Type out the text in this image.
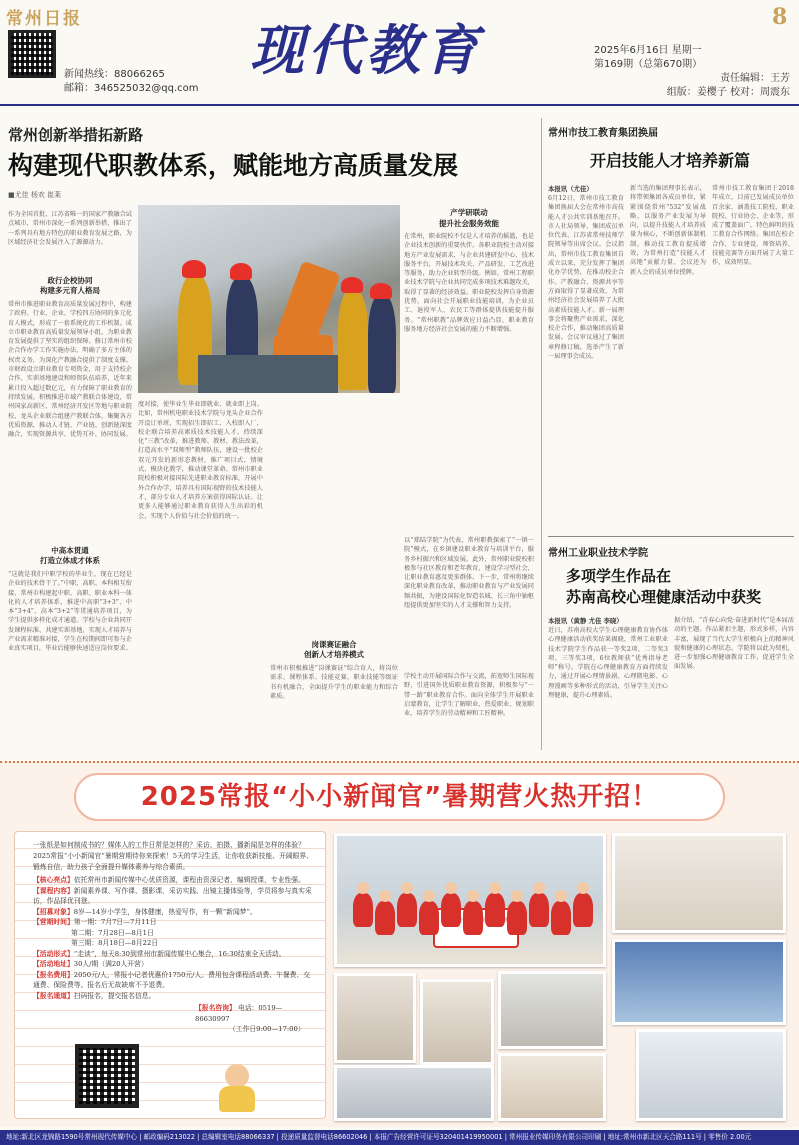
常州日报
新闻热线：88066265
邮箱：346525032@qq.com
现代教育
8
2025年6月16日 星期一
第169期（总第670期）
责任编辑：王芳
组版：姜樱子 校对：周震东
常州创新举措拓新路
构建现代职教体系，赋能地方高质量发展
■尤佳 杨欢 崔莱
作为全国首批、江苏省唯一的国家产教融合试点城市，常州市深化一系列创新举措，推出了一系列具有地方特色的职业教育发展之路，为区域经济社会发展注入了源源动力。
政行企校协同
构建多元育人格局
常州市推进职业教育高质量发展过程中，构建了政府、行业、企业、学校四方协同的多元化育人模式，形成了一套系统化的工作机制。成立市职业教育高质量发展领导小组，为职业教育发展提供了坚实的组织保障。修订常州市校企合作办学工作实施办法，明确了多方主体的权责义务，为深化产教融合提供了制度支撑。市财政设立职业教育专项资金，用于支持校企合作、实训基地建设和师资队伍培养，近年来累计投入超过数亿元，有力保障了职业教育的持续发展。积极推进市域产教联合体建设，常州国家高新区、常州经济开发区等地与职业院校、龙头企业联合组建产教联合体，集聚各方优质资源，推动人才链、产业链、创新链深度融合，实现资源共享、优势互补、协同发展。
中高本贯通
打造立体成才体系
“这就是我们中职学校的毕业生，现在已经是企业的技术骨干了。”中职、高职、本科相互衔接，常州市构建起中职、高职、职业本科一体化的人才培养体系，推进中高职“3+3”、中本“3+4”、高本“3+2”等贯通培养项目，为学生提供多样化成才通道。学校与企业共同开发课程标准、共建实训基地，实现人才培养与产业需求精准对接，学生在校期间即可参与企业真实项目，毕业后能够快速适应岗位要求。
度对接，使毕业生毕业即就业、就业即上岗。比如，常州机电职业技术学院与龙头企业合作开设订单班，实现招生即招工、入校即入厂，校企联合培养高素质技术技能人才。持续深化“三教”改革，推进教师、教材、教法改革，打造高水平“双师型”教师队伍，建设一批校企双元开发的新形态教材，推广项目式、情境式、模块化教学，推动课堂革命。常州市职业院校积极对接国际先进职业教育标准，开展中外合作办学，培养具有国际视野的技术技能人才，部分专业人才培养方案获得国际认证。让更多人能够通过职业教育获得人生出彩的机会，实现个人价值与社会价值的统一。
岗课赛证融合
创新人才培养模式
常州市积极推进“岗课赛证”综合育人，将岗位需求、课程体系、技能竞赛、职业技能等级证书有机融合，全面提升学生的职业能力和综合素质。
产学研联动
提升社会服务效能
在常州，职业院校不仅是人才培养的摇篮，也是企业技术创新的重要伙伴。各职业院校主动对接地方产业发展需求，与企业共建研发中心、技术服务平台，开展技术攻关、产品研发、工艺改进等服务，助力企业转型升级。例如，常州工程职业技术学院与企业共同完成多项技术难题攻关，取得了显著的经济效益。职业院校发挥自身资源优势，面向社会开展职业技能培训，为企业员工、退役军人、农民工等群体提供技能提升服务。“常州职教”品牌效应日益凸显，职业教育服务地方经济社会发展的能力不断增强。
以“郑陆学院”为代表，常州职教探索了“一镇一院”模式，在乡镇建设职业教育与培训平台，服务乡村振兴和区域发展。此外，常州职业院校积极参与社区教育和老年教育，建设学习型社会，让职业教育惠及更多群体。下一步，常州将继续深化职业教育改革，推动职业教育与产业发展同频共振，为建设国际化智造名城、长三角中轴枢纽提供更加坚实的人才支撑和智力支持。
学校主动开展国际合作与交流，拓宽师生国际视野，引进国外优质职业教育资源，积极参与“一带一路”职业教育合作。面向全体学生开展职业启蒙教育，让学生了解职业、热爱职业、规划职业，培养学生的劳动精神和工匠精神。
常州市技工教育集团换届
开启技能人才培养新篇
本报讯（尤佳）
6月12日，常州市技工教育集团换届大会在常州市高技能人才公共实训基地召开。市人社局领导、集团成员单位代表、江苏省常州技师学院领导等出席会议。会议指出，常州市技工教育集团自成立以来，充分发挥了集团化办学优势，在推动校企合作、产教融合、资源共享等方面取得了显著成效，为常州经济社会发展培养了大批高素质技能人才。新一届理事会将聚焦产业需求，深化校企合作，推动集团高质量发展。会议审议通过了集团章程修订稿，选举产生了新一届理事会成员。
新当选的集团理事长表示，将带领集团各成员单位，紧紧围绕常州“532”发展战略，以服务产业发展为导向，以提升技能人才培养质量为核心，不断创新体制机制，推动技工教育提质增效，为常州打造“技能人才高地”贡献力量。会议还为新入会的成员单位授牌。
常州市技工教育集团于2018年成立，目前已发展成员单位百余家，涵盖技工院校、职业院校、行业协会、企业等，形成了覆盖面广、特色鲜明的技工教育合作网络。集团在校企合作、专业建设、师资培养、技能竞赛等方面开展了大量工作，成效明显。
常州工业职业技术学院
多项学生作品在
苏南高校心理健康活动中获奖
本报讯（黄静 尤佳 李晓）
近日，苏南高校大学生心理健康教育协作体心理健康活动获奖结果揭晓，常州工业职业技术学院学生作品获一等奖2项、二等奖3项、三等奖3项，6位教师获“优秀指导老师”称号。学院在心理健康教育方面持续发力，通过开展心理情景剧、心理微电影、心理漫画等多种形式的活动，引导学生关注心理健康，提升心理素质。
据介绍，“青春心向党·奋进新时代”是本届活动的主题。作品紧扣主题，形式多样，内容丰富，展现了当代大学生积极向上的精神风貌和健康的心理状态。学院将以此为契机，进一步加强心理健康教育工作，促进学生全面发展。
2025常报“小小新闻官”暑期营火热开招！
一张纸是如何制成书的？媒体人的工作日常是怎样的？采访、拍摄、播新闻是怎样的体验？2025常报“小小新闻官”暑期营期待你来探索！5天的学习生活，让你收获新技能、开阔眼界、锻炼自信，助力孩子全面提升媒体素养与综合素质。
【核心亮点】依托常州市新闻传媒中心优质资源，课程由资深记者、编辑授课，专业性强。
【课程内容】新闻素养课、写作课、摄影课、采访实践、出镜主播体验等，学员将参与真实采访，作品择优刊登。
【招募对象】8岁—14岁小学生，身体健康，热爱写作，有一颗“新闻梦”。
【营期时间】第一期：7月7日—7月11日
第二期：7月28日—8月1日
第三期：8月18日—8月22日
【活动形式】“走读”，每天8:30到常州市新闻传媒中心集合，16:30结束全天活动。
【活动地址】30人/期（满20人开营）
【报名费用】2050元/人，常报小记者优惠价1750元/人。费用包含课程活动费、午餐费、交通费、保险费等。报名后无故缺席不予退费。
【报名通道】扫码报名，提交报名信息。
【报名咨询】 电话：0519—86630997
（工作日9:00—17:00）
地址:新北区龙锦路1590号常州现代传媒中心 | 邮政编码213022 | 总编辑室电话88066337 | 投递质量监督电话86602046 | 本报广告经营许可证号320401419950001 | 常州报业传媒印务有限公司印刷 | 地址:常州市新北区天合路111号 | 零售价 2.00元
